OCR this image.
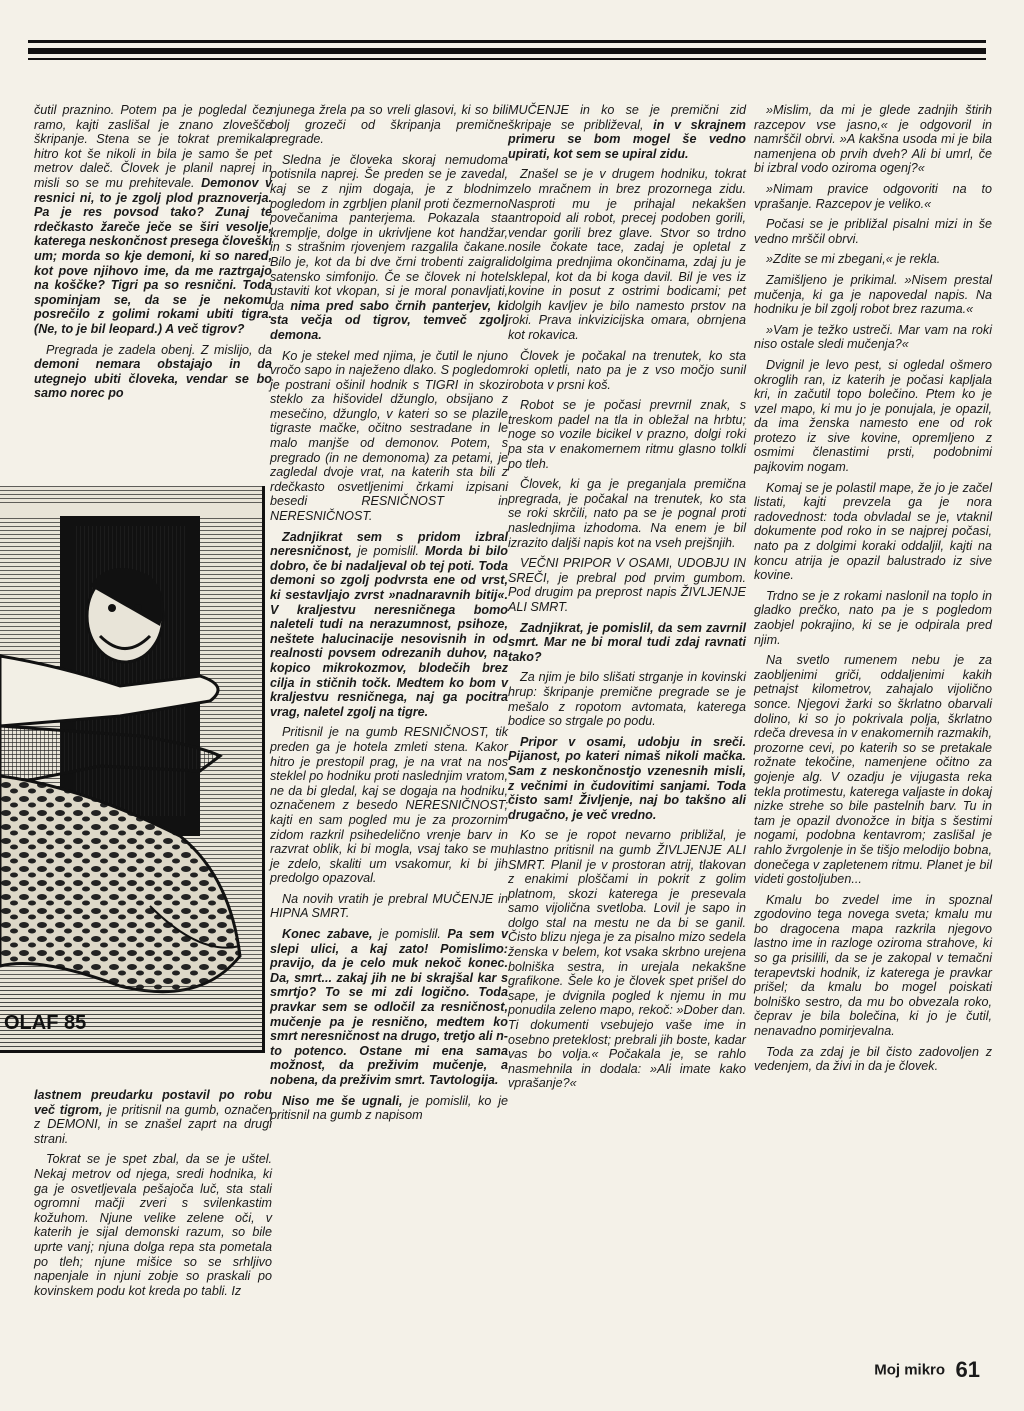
čutil praznino. Potem pa je pogledal čez ramo, kajti zaslišal je znano zlovešče škripanje. Stena se je tokrat premikala hitro kot še nikoli in bila je samo še pet metrov daleč. Človek je planil naprej in misli so se mu prehitevale. Demonov v resnici ni, to je zgolj plod praznoverja. Pa je res povsod tako? Zunaj te rdečkasto žareče ječe se širi vesolje, katerega neskončnost presega človeški um; morda so kje demoni, ki so nared, kot pove njihovo ime, da me raztrgajo na koščke? Tigri pa so resnični. Toda spominjam se, da se je nekomu posrečilo z golimi rokami ubiti tigra. (Ne, to je bil leopard.) A več tigrov?

Pregrada je zadela obenj. Z mislijo, da demoni nemara obstajajo in da utegnejo ubiti človeka, vendar se bo samo norec po

OLAF 85

lastnem preudarku postavil po robu več tigrom, je pritisnil na gumb, označen z DEMONI, in se znašel zaprt na drugi strani.

Tokrat se je spet zbal, da se je uštel. Nekaj metrov od njega, sredi hodnika, ki ga je osvetljevala pešajoča luč, sta stali ogromni mačji zveri s svilenkastim kožuhom. Njune velike zelene oči, v katerih je sijal demonski razum, so bile uprte vanj; njuna dolga repa sta pometala po tleh; njune mišice so se srhljivo napenjale in njuni zobje so praskali po kovinskem podu kot kreda po tabli. Iz

njunega žrela pa so vreli glasovi, ki so bili bolj grozeči od škripanja premične pregrade.

Sledna je človeka skoraj nemudoma potisnila naprej. Še preden se je zavedal, kaj se z njim dogaja, je z blodnim pogledom in zgrbljen planil proti čezmerno povečanima panterjema. Pokazala sta kremplje, dolge in ukrivljene kot handžar, in s strašnim rjovenjem razgalila čakane. Bilo je, kot da bi dve črni trobenti zaigrali satensko simfonijo. Če se človek ni hotel ustaviti kot vkopan, si je moral ponavljati, da nima pred sabo črnih panterjev, ki sta večja od tigrov, temveč zgolj demona.

Ko je stekel med njima, je čutil le njuno vročo sapo in naježeno dlako. S pogledom je postrani ošinil hodnik s TIGRI in skozi steklo za hišovidel džunglo, obsijano z mesečino, džunglo, v kateri so se plazile tigraste mačke, očitno sestradane in le malo manjše od demonov. Potem, s pregrado (in ne demonoma) za petami, je zagledal dvoje vrat, na katerih sta bili z rdečkasto osvetljenimi črkami izpisani besedi RESNIČNOST in NERESNIČNOST.

Zadnjikrat sem s pridom izbral neresničnost, je pomislil. Morda bi bilo dobro, če bi nadaljeval ob tej poti. Toda demoni so zgolj podvrsta ene od vrst, ki sestavljajo zvrst »nadnaravnih bitij«. V kraljestvu neresničnega bomo naleteli tudi na nerazumnost, psihoze, neštete halucinacije nesovisnih in od realnosti povsem odrezanih duhov, na kopico mikrokozmov, blodečih brez cilja in stičnih točk. Medtem ko bom v kraljestvu resničnega, naj ga pocitra vrag, naletel zgolj na tigre.

Pritisnil je na gumb RESNIČNOST, tik preden ga je hotela zmleti stena. Kakor hitro je prestopil prag, je na vrat na nos steklel po hodniku proti naslednjim vratom, ne da bi gledal, kaj se dogaja na hodniku, označenem z besedo NERESNIČNOST; kajti en sam pogled mu je za prozornim zidom razkril psihedelično vrenje barv in razvrat oblik, ki bi mogla, vsaj tako se mu je zdelo, skaliti um vsakomur, ki bi jih predolgo opazoval.

Na novih vratih je prebral MUČENJE in HIPNA SMRT.

Konec zabave, je pomislil. Pa sem v slepi ulici, a kaj zato! Pomislimo: pravijo, da je celo muk nekoč konec. Da, smrt... zakaj jih ne bi skrajšal kar s smrtjo? To se mi zdi logično. Toda pravkar sem se odločil za resničnost, mučenje pa je resnično, medtem ko smrt neresničnost na drugo, tretjo ali n-to potenco. Ostane mi ena sama možnost, da preživim mučenje, a nobena, da preživim smrt. Tavtologija.

Niso me še ugnali, je pomislil, ko je pritisnil na gumb z napisom

MUČENJE in ko se je premični zid škripaje se približeval, in v skrajnem primeru se bom mogel še vedno upirati, kot sem se upiral zidu.

Znašel se je v drugem hodniku, tokrat zelo mračnem in brez prozornega zidu. Nasproti mu je prihajal nekakšen antropoid ali robot, precej podoben gorili, vendar gorili brez glave. Stvor so trdno nosile čokate tace, zadaj je opletal z dolgima prednjima okončinama, zdaj ju je sklepal, kot da bi koga davil. Bil je ves iz kovine in posut z ostrimi bodicami; pet dolgih kavljev je bilo namesto prstov na roki. Prava inkvizicijska omara, obrnjena kot rokavica.

Človek je počakal na trenutek, ko sta roki opletli, nato pa je z vso močjo sunil robota v prsni koš.

Robot se je počasi prevrnil znak, s treskom padel na tla in obležal na hrbtu; noge so vozile bicikel v prazno, dolgi roki pa sta v enakomernem ritmu glasno tolkli po tleh.

Človek, ki ga je preganjala premična pregrada, je počakal na trenutek, ko sta se roki skrčili, nato pa se je pognal proti naslednjima izhodoma. Na enem je bil izrazito daljši napis kot na vseh prejšnjih.

VEČNI PRIPOR V OSAMI, UDOBJU IN SREČI, je prebral pod prvim gumbom. Pod drugim pa preprost napis ŽIVLJENJE ALI SMRT.

Zadnjikrat, je pomislil, da sem zavrnil smrt. Mar ne bi moral tudi zdaj ravnati tako?

Za njim je bilo slišati strganje in kovinski hrup: škripanje premične pregrade se je mešalo z ropotom avtomata, katerega bodice so strgale po podu.

Pripor v osami, udobju in sreči. Pijanost, po kateri nimaš nikoli mačka. Sam z neskončnostjo vzenesnih misli, z večnimi in čudovitimi sanjami. Toda čisto sam! Življenje, naj bo takšno ali drugačno, je več vredno.

Ko se je ropot nevarno približal, je hlastno pritisnil na gumb ŽIVLJENJE ALI SMRT. Planil je v prostoran atrij, tlakovan z enakimi ploščami in pokrit z golim platnom, skozi katerega je presevala samo vijolična svetloba. Lovil je sapo in dolgo stal na mestu ne da bi se ganil. Čisto blizu njega je za pisalno mizo sedela ženska v belem, kot vsaka skrbno urejena bolniška sestra, in urejala nekakšne grafikone. Šele ko je človek spet prišel do sape, je dvignila pogled k njemu in mu ponudila zeleno mapo, rekoč: »Dober dan. Ti dokumenti vsebujejo vaše ime in osebno preteklost; prebrali jih boste, kadar vas bo volja.« Počakala je, se rahlo nasmehnila in dodala: »Ali imate kako vprašanje?«

»Mislim, da mi je glede zadnjih štirih razcepov vse jasno,« je odgovoril in namrščil obrvi. »A kakšna usoda mi je bila namenjena ob prvih dveh? Ali bi umrl, če bi izbral vodo oziroma ogenj?«

»Nimam pravice odgovoriti na to vprašanje. Razcepov je veliko.«

Počasi se je približal pisalni mizi in še vedno mrščil obrvi.

»Zdite se mi zbegani,« je rekla.

Zamišljeno je prikimal. »Nisem prestal mučenja, ki ga je napovedal napis. Na hodniku je bil zgolj robot brez razuma.«

»Vam je težko ustreči. Mar vam na roki niso ostale sledi mučenja?«

Dvignil je levo pest, si ogledal ošmero okroglih ran, iz katerih je počasi kapljala kri, in začutil topo bolečino. Ptem ko je vzel mapo, ki mu jo je ponujala, je opazil, da ima ženska namesto ene od rok protezo iz sive kovine, opremljeno z osmimi členastimi prsti, podobnimi pajkovim nogam.

Komaj se je polastil mape, že jo je začel listati, kajti prevzela ga je nora radovednost: toda obvladal se je, vtaknil dokumente pod roko in se najprej počasi, nato pa z dolgimi koraki oddaljil, kajti na koncu atrija je opazil balustrado iz sive kovine.

Trdno se je z rokami naslonil na toplo in gladko prečko, nato pa je s pogledom zaobjel pokrajino, ki se je odpirala pred njim.

Na svetlo rumenem nebu je za zaobljenimi griči, oddaljenimi kakih petnajst kilometrov, zahajalo vijolično sonce. Njegovi žarki so škrlatno obarvali dolino, ki so jo pokrivala polja, škrlatno rdeča drevesa in v enakomernih razmakih, prozorne cevi, po katerih so se pretakale rožnate tekočine, namenjene očitno za gojenje alg. V ozadju je vijugasta reka tekla protimestu, katerega valjaste in dokaj nizke strehe so bile pastelnih barv. Tu in tam je opazil dvonožce in bitja s šestimi nogami, podobna kentavrom; zaslišal je rahlo žvrgolenje in še tišjo melodijo bobna, donečega v zapletenem ritmu. Planet je bil videti gostoljuben...

Kmalu bo zvedel ime in spoznal zgodovino tega novega sveta; kmalu mu bo dragocena mapa razkrila njegovo lastno ime in razloge oziroma strahove, ki so ga prisilili, da se je zakopal v temačni terapevtski hodnik, iz katerega je pravkar prišel; da kmalu bo mogel poiskati bolniško sestro, da mu bo obvezala roko, čeprav je bila bolečina, ki jo je čutil, nenavadno pomirjevalna.

Toda za zdaj je bil čisto zadovoljen z vedenjem, da živi in da je človek.

Moj mikro 61
